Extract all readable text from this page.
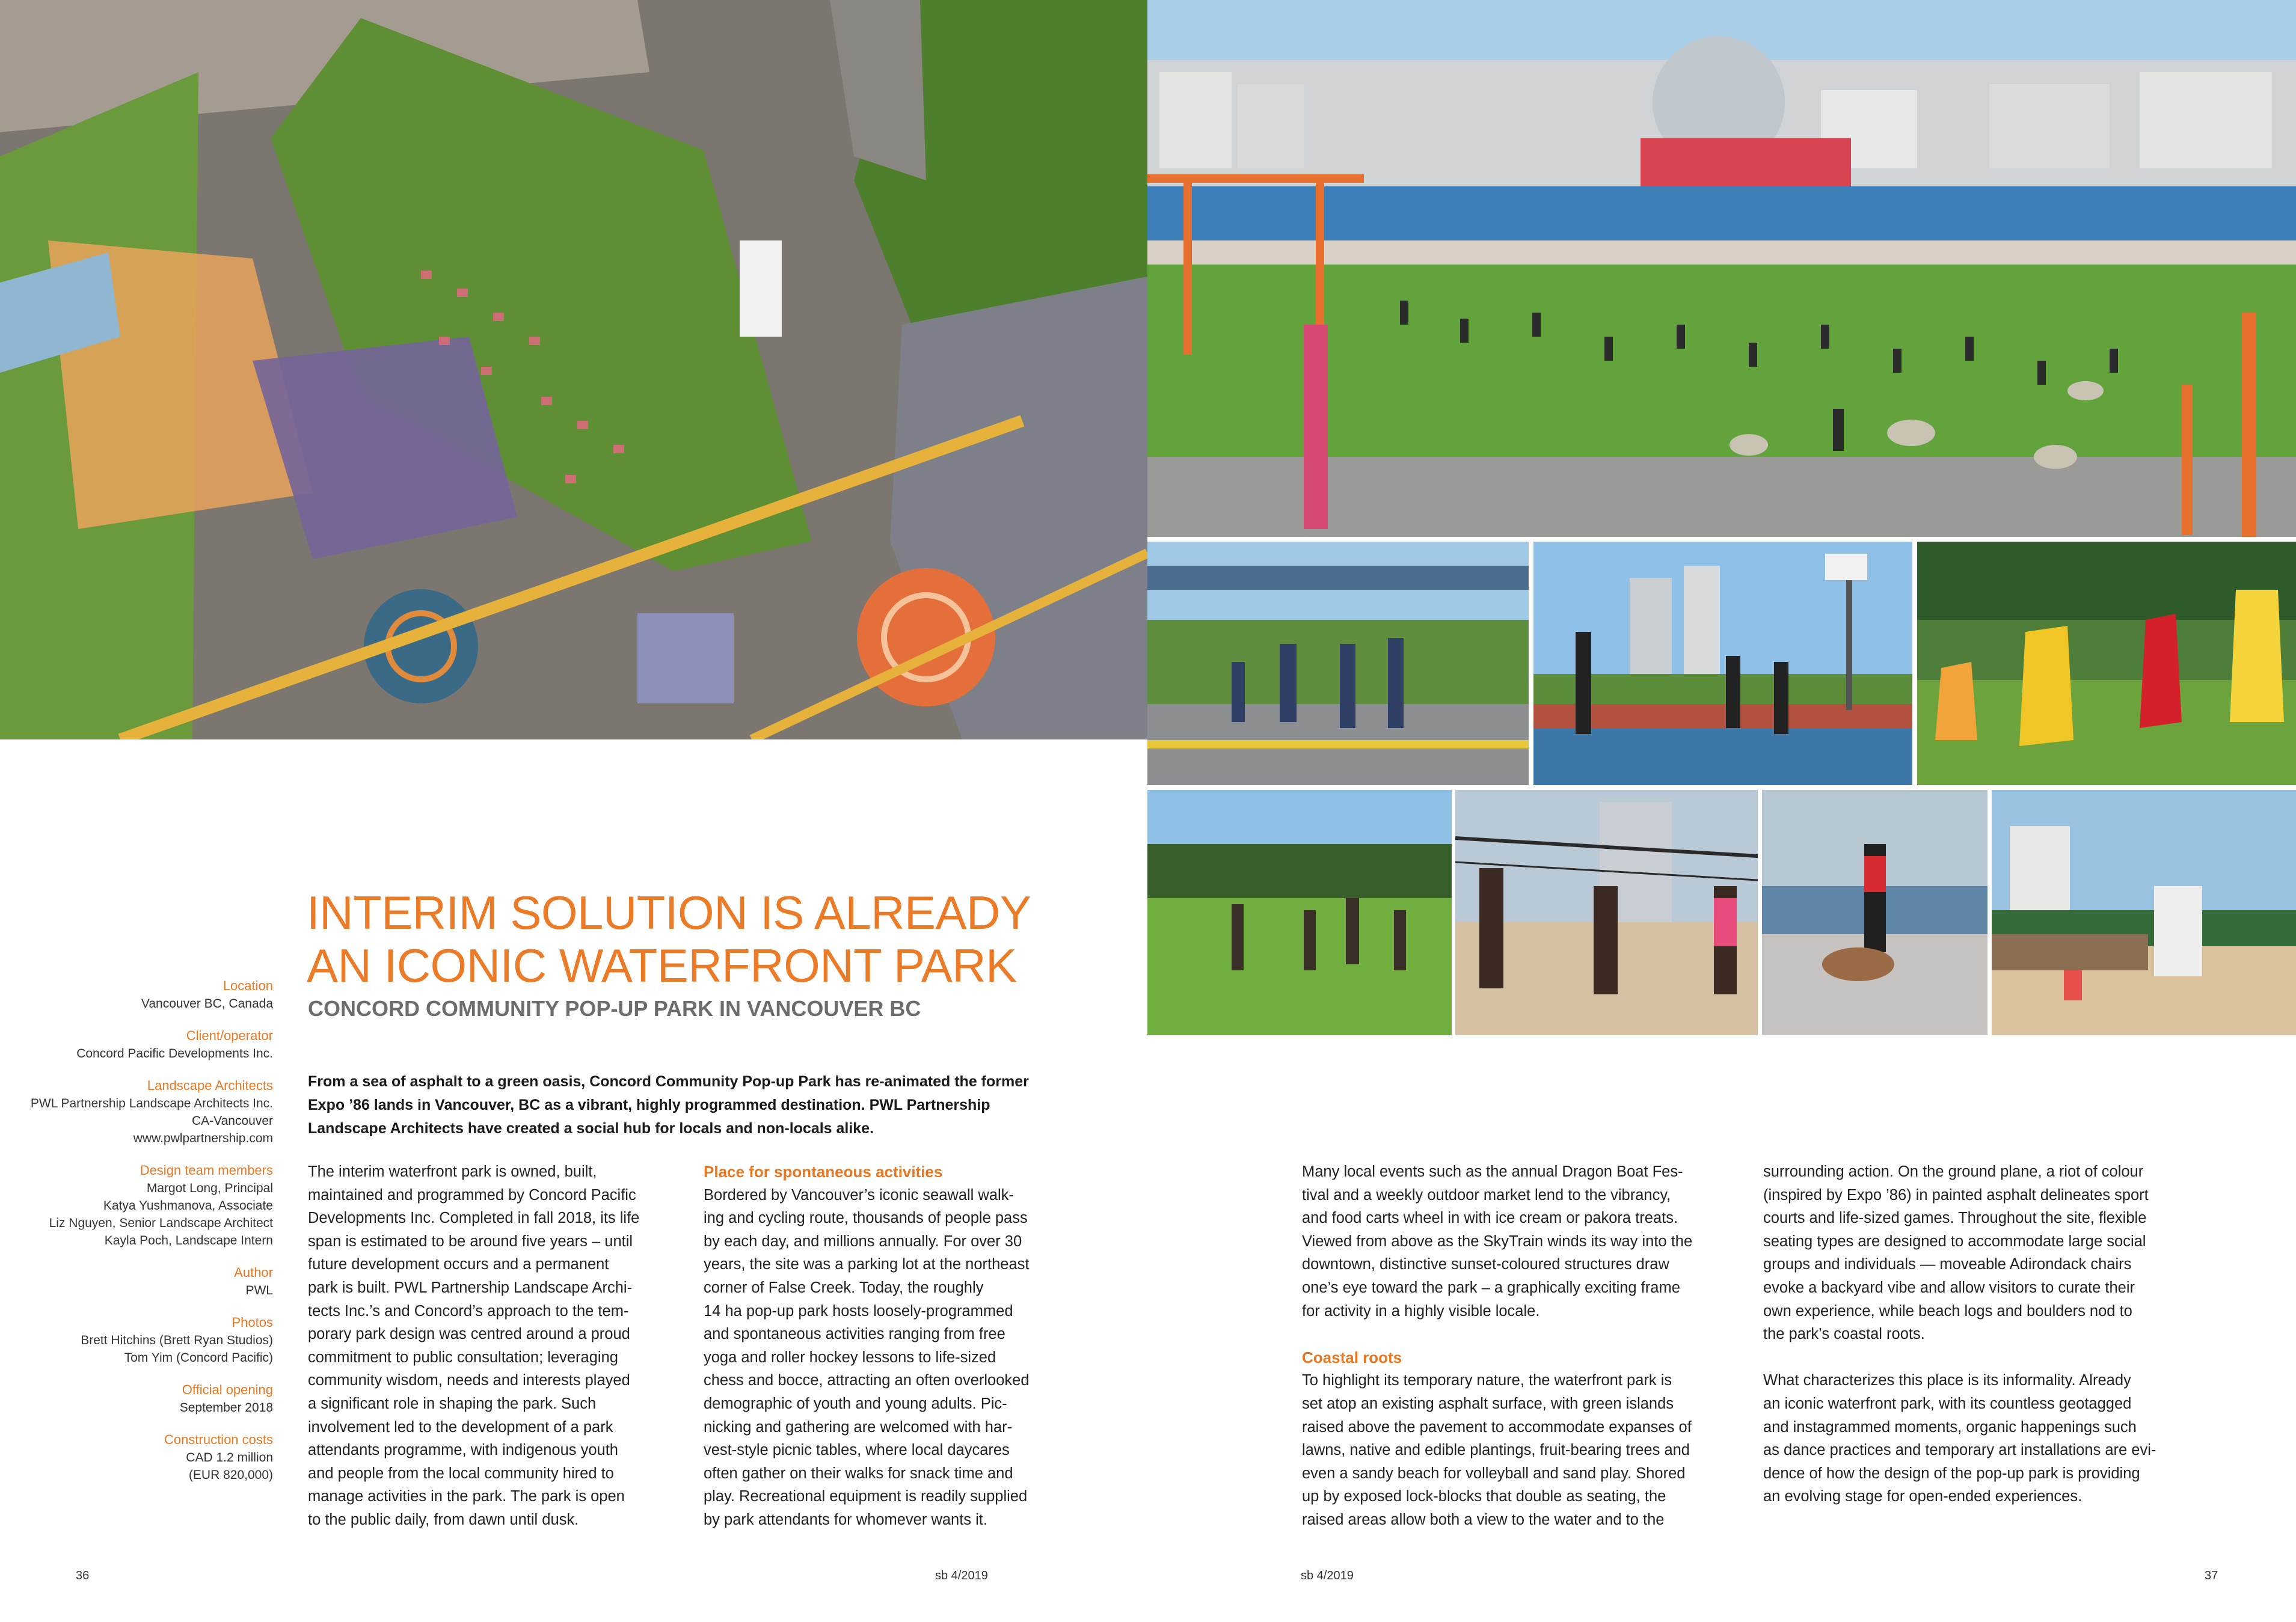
Location
Vancouver BC, Canada
Client/operator
Concord Pacific Developments Inc.
Landscape Architects
PWL Partnership Landscape Architects Inc.
CA-Vancouver
www.pwlpartnership.com
Design team members
Margot Long, Principal
Katya Yushmanova, Associate
Liz Nguyen, Senior Landscape Architect
Kayla Poch, Landscape Intern
Author
PWL
Photos
Brett Hitchins (Brett Ryan Studios)
Tom Yim (Concord Pacific)
Official opening
September 2018
Construction costs
CAD 1.2 million
(EUR 820,000)
INTERIM SOLUTION IS ALREADY
AN ICONIC WATERFRONT PARK
CONCORD COMMUNITY POP-UP PARK IN VANCOUVER BC
From a sea of asphalt to a green oasis, Concord Community Pop-up Park has re-animated the former Expo ’86 lands in Vancouver, BC as a vibrant, highly programmed destination. PWL Partnership Landscape Architects have created a social hub for locals and non-locals alike.

The interim waterfront park is owned, built,

maintained and programmed by Concord Pacific

Developments Inc. Completed in fall 2018, its life

span is estimated to be around five years – until

future development occurs and a permanent

park is built. PWL Partnership Landscape Archi-

tects Inc.’s and Concord’s approach to the tem-

porary park design was centred around a proud

commitment to public consultation; leveraging

community wisdom, needs and interests played

a significant role in shaping the park. Such

involvement led to the development of a park

attendants programme, with indigenous youth

and people from the local community hired to

manage activities in the park. The park is open

to the public daily, from dawn until dusk.

Place for spontaneous activities

Bordered by Vancouver’s iconic seawall walk-

ing and cycling route, thousands of people pass

by each day, and millions annually. For over 30

years, the site was a parking lot at the northeast

corner of False Creek. Today, the roughly

14 ha pop-up park hosts loosely-programmed

and spontaneous activities ranging from free

yoga and roller hockey lessons to life-sized

chess and bocce, attracting an often overlooked

demographic of youth and young adults. Pic-

nicking and gathering are welcomed with har-

vest-style picnic tables, where local daycares

often gather on their walks for snack time and

play. Recreational equipment is readily supplied

by park attendants for whomever wants it.

Many local events such as the annual Dragon Boat Fes-

tival and a weekly outdoor market lend to the vibrancy,

and food carts wheel in with ice cream or pakora treats.

Viewed from above as the SkyTrain winds its way into the

downtown, distinctive sunset-coloured structures draw

one’s eye toward the park – a graphically exciting frame

for activity in a highly visible locale.

Coastal roots

To highlight its temporary nature, the waterfront park is

set atop an existing asphalt surface, with green islands

raised above the pavement to accommodate expanses of

lawns, native and edible plantings, fruit-bearing trees and

even a sandy beach for volleyball and sand play. Shored

up by exposed lock-blocks that double as seating, the

raised areas allow both a view to the water and to the

surrounding action. On the ground plane, a riot of colour

(inspired by Expo ’86) in painted asphalt delineates sport

courts and life-sized games. Throughout the site, flexible

seating types are designed to accommodate large social

groups and individuals — moveable Adirondack chairs

evoke a backyard vibe and allow visitors to curate their

own experience, while beach logs and boulders nod to

the park’s coastal roots.

What characterizes this place is its informality. Already

an iconic waterfront park, with its countless geotagged

and instagrammed moments, organic happenings such

as dance practices and temporary art installations are evi-

dence of how the design of the pop-up park is providing

an evolving stage for open-ended experiences.

36	sb 4/2019	sb 4/2019	37
